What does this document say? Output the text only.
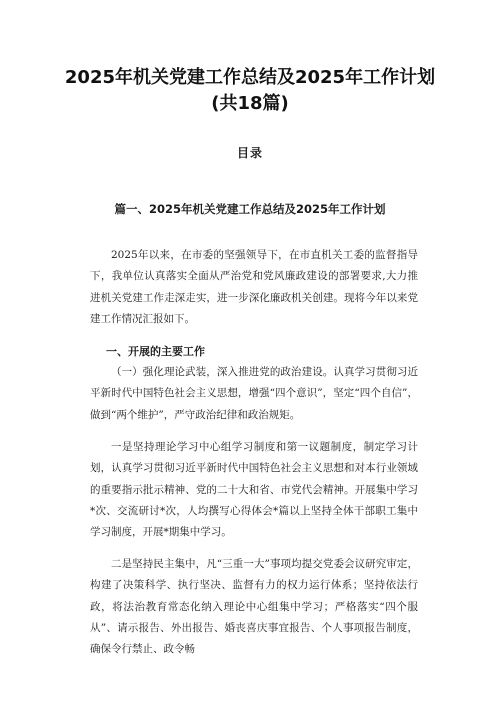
2025年机关党建工作总结及2025年工作计划
(共18篇)
目录
篇一、2025年机关党建工作总结及2025年工作计划

2025年以来，在市委的坚强领导下，在市直机关工委的监督指导下，我单位认真落实全面从严治党和党风廉政建设的部署要求,大力推进机关党建工作走深走实，进一步深化廉政机关创建。现将今年以来党建工作情况汇报如下。

一、开展的主要工作

（一）强化理论武装，深入推进党的政治建设。认真学习贯彻习近平新时代中国特色社会主义思想，增强“四个意识”，坚定“四个自信”，做到“两个维护”，严守政治纪律和政治规矩。

一是坚持理论学习中心组学习制度和第一议题制度，制定学习计划，认真学习贯彻习近平新时代中国特色社会主义思想和对本行业领域的重要指示批示精神、党的二十大和省、市党代会精神。开展集中学习*次、交流研讨*次，人均撰写心得体会*篇以上坚持全体干部职工集中学习制度，开展*期集中学习。

二是坚持民主集中，凡“三重一大”事项均提交党委会议研究审定，构建了决策科学、执行坚决、监督有力的权力运行体系；坚持依法行政，将法治教育常态化纳入理论中心组集中学习；严格落实“四个服从”、请示报告、外出报告、婚丧喜庆事宜报告、个人事项报告制度，确保令行禁止、政令畅
